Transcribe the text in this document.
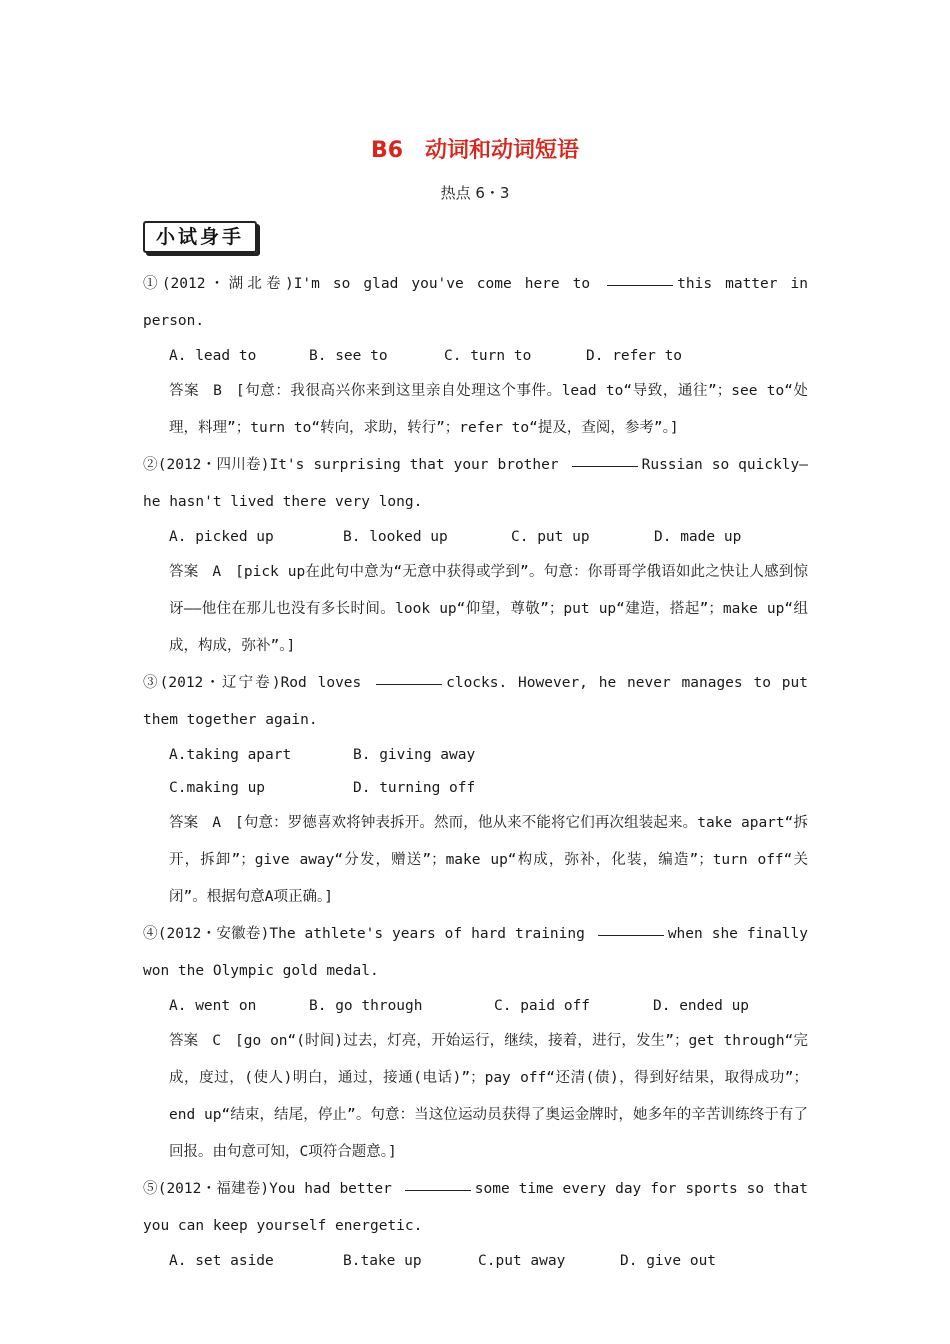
B6　动词和动词短语
热点 6・3
小试身手
①(2012・湖北卷)I'm so glad you've come here to	this matter in person.
A. lead to	B. see to	C. turn to	D. refer to
答案 B [句意：我很高兴你来到这里亲自处理这个事件。lead to“导致，通往”；see to“处理，料理”；turn to“转向，求助，转行”；refer to“提及，查阅，参考”。]
②(2012・四川卷)It's surprising that your brother	Russian so quickly—he hasn't lived there very long.
A. picked up	B. looked up	C. put up	D. made up
答案 A [pick up在此句中意为“无意中获得或学到”。句意：你哥哥学俄语如此之快让人感到惊讶——他住在那儿也没有多长时间。look up“仰望，尊敬”；put up“建造，搭起”；make up“组成，构成，弥补”。]
③(2012・辽宁卷)Rod loves	clocks. However, he never manages to put them together again.
A.taking apart	B. giving away
C.making up	D. turning off
答案 A [句意：罗德喜欢将钟表拆开。然而，他从来不能将它们再次组装起来。take apart“拆开，拆卸”；give away“分发，赠送”；make up“构成，弥补，化装，编造”；turn off“关闭”。根据句意A项正确。]
④(2012・安徽卷)The athlete's years of hard training	when she finally won the Olympic gold medal.
A. went on	B. go through	C. paid off	D. ended up
答案 C [go on“(时间)过去，灯亮，开始运行，继续，接着，进行，发生”；get through“完成，度过，(使人)明白，通过，接通(电话)”；pay off“还清(债)，得到好结果，取得成功”；end up“结束，结尾，停止”。句意：当这位运动员获得了奥运金牌时，她多年的辛苦训练终于有了回报。由句意可知，C项符合题意。]
⑤(2012・福建卷)You had better	some time every day for sports so that you can keep yourself energetic.
A. set aside	B.take up	C.put away	D. give out
